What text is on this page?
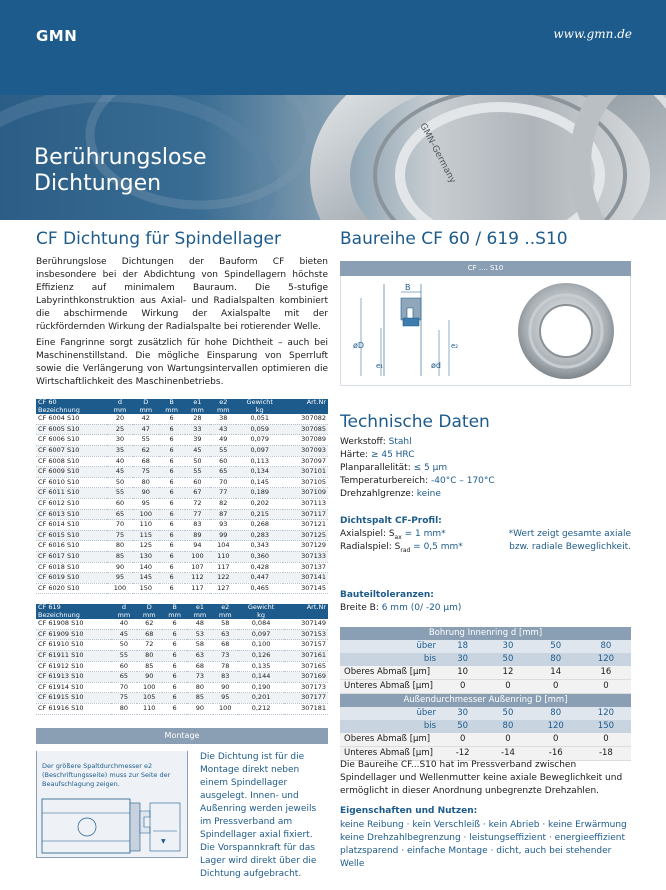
GMN	www.gmn.de
GMN-Germany
Berührungslose
Dichtungen
CF Dichtung für Spindellager
Berührungslose Dichtungen der Bauform CF bieten insbesondere bei der Abdichtung von Spindellagern höchste Effizienz auf minimalem Bauraum. Die 5-stufige Labyrinthkonstruktion aus Axial- und Radialspalten kombiniert die abschirmende Wirkung der Axialspalte mit der rückfördernden Wirkung der Radialspalte bei rotierender Welle.
Eine Fangrinne sorgt zusätzlich für hohe Dichtheit – auch bei Maschinenstillstand. Die mögliche Einsparung von Sperrluft sowie die Verlängerung von Wartungsintervallen optimieren die Wirtschaftlichkeit des Maschinenbetriebs.
CF 60	d	D	B	e1	e2	Gewicht	Art.Nr
Bezeichnung	mm	mm	mm	mm	mm	kg	
CF 6004 S10	20	42	6	28	38	0,051	307082
CF 6005 S10	25	47	6	33	43	0,059	307085
CF 6006 S10	30	55	6	39	49	0,079	307089
CF 6007 S10	35	62	6	45	55	0,097	307093
CF 6008 S10	40	68	6	50	60	0,113	307097
CF 6009 S10	45	75	6	55	65	0,134	307101
CF 6010 S10	50	80	6	60	70	0,145	307105
CF 6011 S10	55	90	6	67	77	0,189	307109
CF 6012 S10	60	95	6	72	82	0,202	307113
CF 6013 S10	65	100	6	77	87	0,215	307117
CF 6014 S10	70	110	6	83	93	0,268	307121
CF 6015 S10	75	115	6	89	99	0,283	307125
CF 6016 S10	80	125	6	94	104	0,343	307129
CF 6017 S10	85	130	6	100	110	0,360	307133
CF 6018 S10	90	140	6	107	117	0,428	307137
CF 6019 S10	95	145	6	112	122	0,447	307141
CF 6020 S10	100	150	6	117	127	0,465	307145
CF 619	d	D	B	e1	e2	Gewicht	Art.Nr
Bezeichnung	mm	mm	mm	mm	mm	kg	
CF 61908 S10	40	62	6	48	58	0,084	307149
CF 61909 S10	45	68	6	53	63	0,097	307153
CF 61910 S10	50	72	6	58	68	0,100	307157
CF 61911 S10	55	80	6	63	73	0,126	307161
CF 61912 S10	60	85	6	68	78	0,135	307165
CF 61913 S10	65	90	6	73	83	0,144	307169
CF 61914 S10	70	100	6	80	90	0,190	307173
CF 61915 S10	75	105	6	85	95	0,201	307177
CF 61916 S10	80	110	6	90	100	0,212	307181
Montage
Der größere Spaltdurchmesser e2 (Beschriftungsseite) muss zur Seite der Beaufschlagung zeigen.
▼
Die Dichtung ist für die Montage direkt neben einem Spindellager ausgelegt. Innen- und Außenring werden jeweils im Pressverband am Spindellager axial fixiert. Die Vorspannkraft für das Lager wird direkt über die Dichtung aufgebracht.
Baureihe CF 60 / 619 ..S10
CF .... S10
B
øD
e₁	ød
e₂
Technische Daten
Werkstoff: Stahl
Härte: ≥ 45 HRC
Planparallelität: ≤ 5 µm
Temperaturbereich: -40°C – 170°C
Drehzahlgrenze: keine
Dichtspalt CF-Profil:
Axialspiel: $S_{ax} = 1$ mm*
Radialspiel: $S_{rad} = 0,5$ mm*
*Wert zeigt gesamte axiale bzw. radiale Beweglichkeit.
Bauteiltoleranzen:
Breite B: 6 mm (0/ -20 µm)
Bohrung Innenring d [mm]				
über	18	30	50	80
bis	30	50	80	120
Oberes Abmaß [µm]	10	12	14	16
Unteres Abmaß [µm]	0	0	0	0
Außendurchmesser Außenring D [mm]				
über	30	50	80	120
bis	50	80	120	150
Oberes Abmaß [µm]	0	0	0	0
Unteres Abmaß [µm]	-12	-14	-16	-18
Die Baureihe CF...S10 hat im Pressverband zwischen Spindellager und Wellenmutter keine axiale Beweglichkeit und ermöglicht in dieser Anordnung unbegrenzte Drehzahlen.
Eigenschaften und Nutzen:
keine Reibung · kein Verschleiß · kein Abrieb · keine Erwärmung keine Drehzahlbegrenzung · leistungseffizient · energieeffizient platzsparend · einfache Montage · dicht, auch bei stehender Welle
